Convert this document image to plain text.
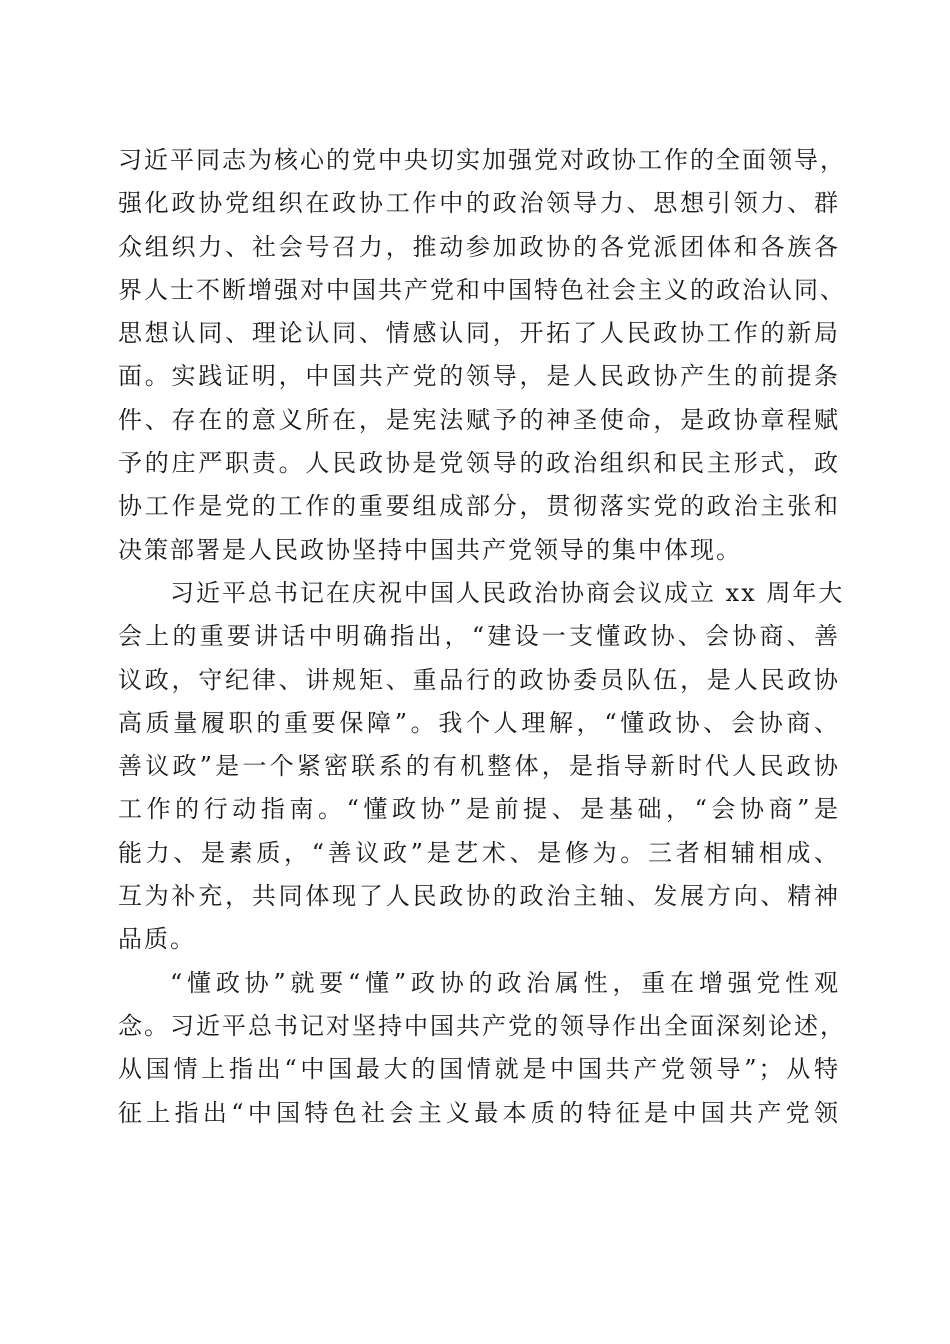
习近平同志为核心的党中央切实加强党对政协工作的全面领导，
强化政协党组织在政协工作中的政治领导力、思想引领力、群
众组织力、社会号召力，推动参加政协的各党派团体和各族各
界人士不断增强对中国共产党和中国特色社会主义的政治认同、
思想认同、理论认同、情感认同，开拓了人民政协工作的新局
面。实践证明，中国共产党的领导，是人民政协产生的前提条
件、存在的意义所在，是宪法赋予的神圣使命，是政协章程赋
予的庄严职责。人民政协是党领导的政治组织和民主形式，政
协工作是党的工作的重要组成部分，贯彻落实党的政治主张和
决策部署是人民政协坚持中国共产党领导的集中体现。
习近平总书记在庆祝中国人民政治协商会议成立 xx 周年大
会上的重要讲话中明确指出，“建设一支懂政协、会协商、善
议政，守纪律、讲规矩、重品行的政协委员队伍，是人民政协
高质量履职的重要保障”。我个人理解，“懂政协、会协商、
善议政”是一个紧密联系的有机整体，是指导新时代人民政协
工作的行动指南。“懂政协”是前提、是基础，“会协商”是
能力、是素质，“善议政”是艺术、是修为。三者相辅相成、
互为补充，共同体现了人民政协的政治主轴、发展方向、精神
品质。
“懂政协”就要“懂”政协的政治属性，重在增强党性观
念。习近平总书记对坚持中国共产党的领导作出全面深刻论述，
从国情上指出“中国最大的国情就是中国共产党领导”；从特
征上指出“中国特色社会主义最本质的特征是中国共产党领
